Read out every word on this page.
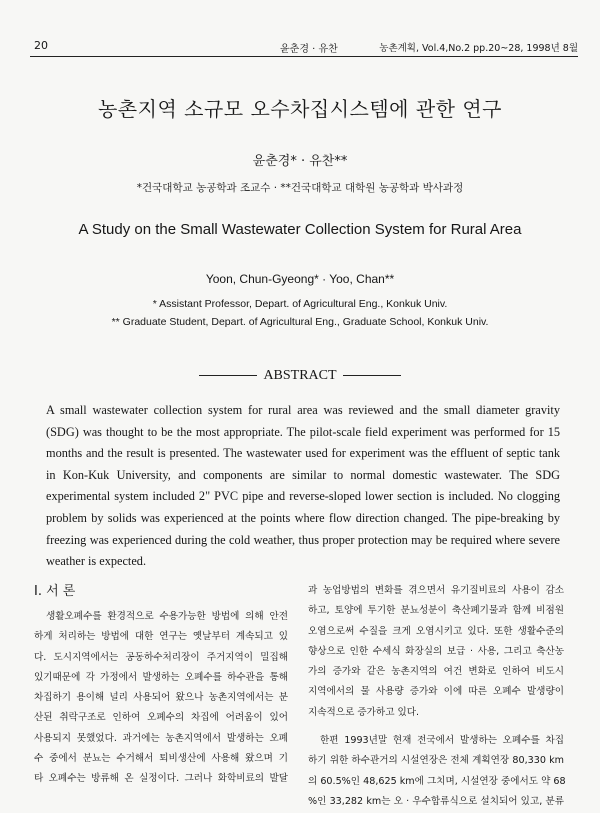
20	윤춘경 · 유찬	농촌계획, Vol.4,No.2 pp.20~28, 1998년 8월
농촌지역 소규모 오수차집시스템에 관한 연구
윤춘경* · 유찬**
*건국대학교 농공학과 조교수 · **건국대학교 대학원 농공학과 박사과정
A Study on the Small Wastewater Collection System for Rural Area
Yoon, Chun-Gyeong* · Yoo, Chan**
* Assistant Professor, Depart. of Agricultural Eng., Konkuk Univ.
** Graduate Student, Depart. of Agricultural Eng., Graduate School, Konkuk Univ.
ABSTRACT
A small wastewater collection system for rural area was reviewed and the small diameter gravity
(SDG) was thought to be the most appropriate. The pilot-scale field experiment was performed for 15
months and the result is presented. The wastewater used for experiment was the effluent of septic tank
in Kon-Kuk University, and components are similar to normal domestic wastewater. The SDG
experimental system included 2" PVC pipe and reverse-sloped lower section is included. No clogging
problem by solids was experienced at the points where flow direction changed. The pipe-breaking by
freezing was experienced during the cold weather, thus proper protection may be required where severe
weather is expected.
I. 서 론
생활오폐수를 환경적으로 수용가능한 방법에 의해 안전
하게 처리하는 방법에 대한 연구는 옛날부터 계속되고 있
다. 도시지역에서는 공동하수처리장이 주거지역이 밀집해
있기때문에 각 가정에서 발생하는 오폐수를 하수관을 통해
차집하기 용이해 널리 사용되어 왔으나 농촌지역에서는 분
산된 취락구조로 인하여 오폐수의 차집에 어려움이 있어
사용되지 못했었다. 과거에는 농촌지역에서 발생하는 오폐
수 중에서 분뇨는 수거해서 퇴비생산에 사용해 왔으며 기
타 오폐수는 방류해 온 실정이다. 그러나 화학비료의 발달
과 농업방법의 변화를 겪으면서 유기질비료의 사용이 감소
하고, 토양에 투기한 분뇨성분이 축산폐기물과 함께 비점원
오염으로써 수질을 크게 오염시키고 있다. 또한 생활수준의
향상으로 인한 수세식 화장실의 보급 · 사용, 그리고 축산농
가의 증가와 같은 농촌지역의 여건 변화로 인하여 비도시
지역에서의 물 사용량 증가와 이에 따른 오폐수 발생량이
지속적으로 증가하고 있다.
한편 1993년말 현재 전국에서 발생하는 오폐수를 차집
하기 위한 하수관거의 시설연장은 전체 계획연장 80,330 km
의 60.5%인 48,625 km에 그치며, 시설연장 중에서도 약 68
%인 33,282 km는 오 · 우수합류식으로 설치되어 있고, 분류
